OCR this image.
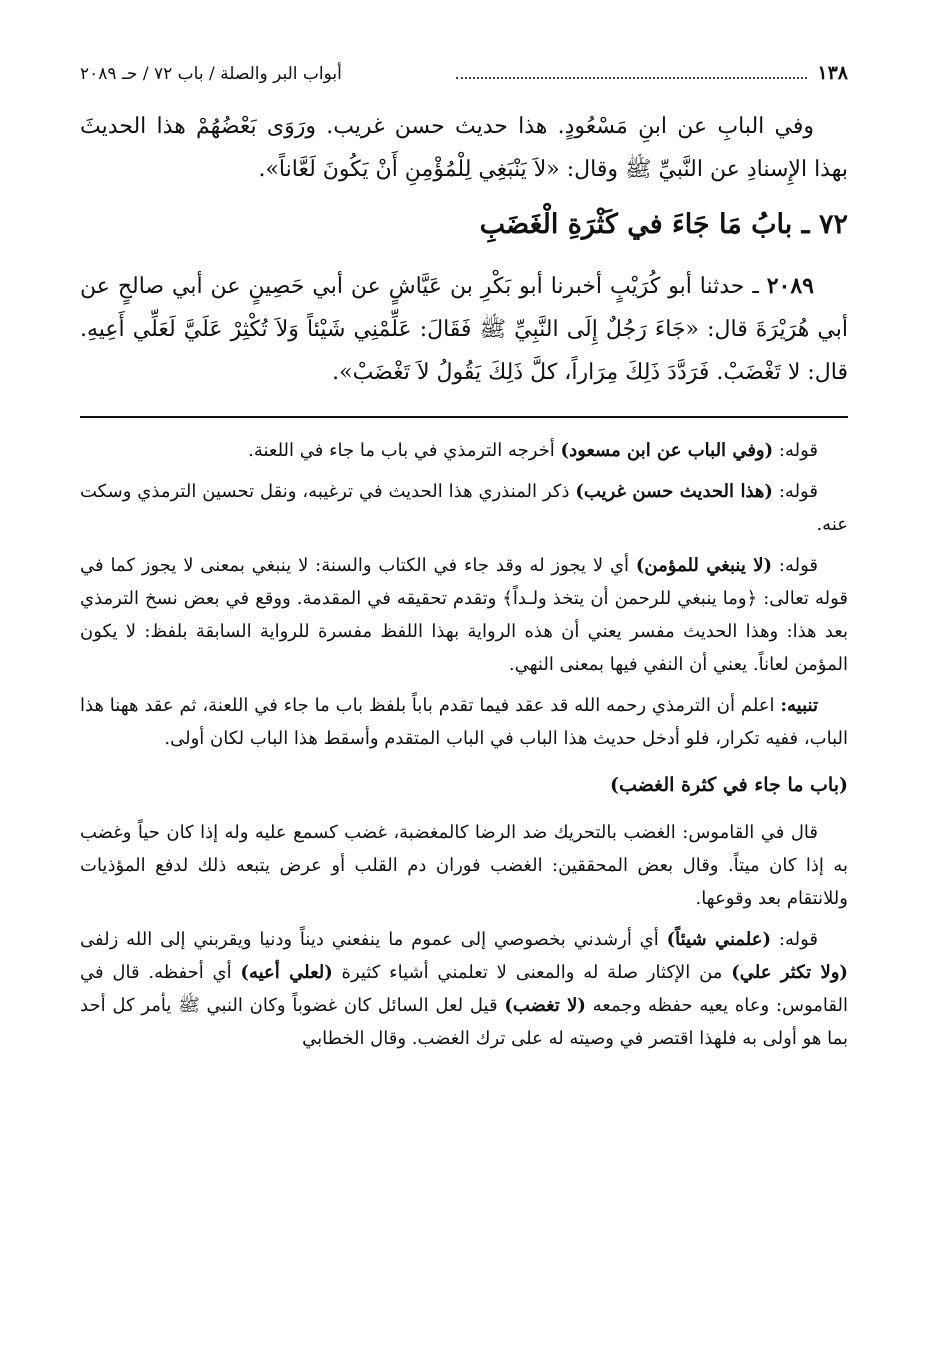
١٣٨
أبواب البر والصلة / باب ٧٢ / حـ ٢٠٨٩

وفي البابِ عن ابنِ مَسْعُودٍ. هذا حديث حسن غريب. ورَوَى بَعْضُهُمْ هذا الحديثَ بهذا الإِسنادِ عن النَّبيِّ ﷺ وقال: «لاَ يَنْبَغِي لِلْمُؤْمِنِ أَنْ يَكُونَ لَعَّاناً».

٧٢ ـ بابُ مَا جَاءَ في كَثْرَةِ الْغَضَبِ

٢٠٨٩ ـ حدثنا أبو كُرَيْبٍ أخبرنا أبو بَكْرِ بن عَيَّاشٍ عن أبي حَصِينٍ عن أبي صالحٍ عن أبي هُرَيْرَةَ قال: «جَاءَ رَجُلٌ إِلَى النَّبِيِّ ﷺ فَقَالَ: عَلِّمْنِي شَيْئاً وَلاَ تُكْثِرْ عَلَيَّ لَعَلِّي أَعِيهِ. قال: لا تَغْضَبْ. فَرَدَّدَ ذَلِكَ مِرَاراً، كلَّ ذَلِكَ يَقُولُ لاَ تَغْضَبْ».

قوله: (وفي الباب عن ابن مسعود) أخرجه الترمذي في باب ما جاء في اللعنة.

قوله: (هذا الحديث حسن غريب) ذكر المنذري هذا الحديث في ترغيبه، ونقل تحسين الترمذي وسكت عنه.

قوله: (لا ينبغي للمؤمن) أي لا يجوز له وقد جاء في الكتاب والسنة: لا ينبغي بمعنى لا يجوز كما في قوله تعالى: ﴿وما ينبغي للرحمن أن يتخذ ولـداً﴾ وتقدم تحقيقه في المقدمة. ووقع في بعض نسخ الترمذي بعد هذا: وهذا الحديث مفسر يعني أن هذه الرواية بهذا اللفظ مفسرة للرواية السابقة بلفظ: لا يكون المؤمن لعاناً. يعني أن النفي فيها بمعنى النهي.

تنبيه: اعلم أن الترمذي رحمه الله قد عقد فيما تقدم باباً بلفظ باب ما جاء في اللعنة، ثم عقد ههنا هذا الباب، ففيه تكرار، فلو أدخل حديث هذا الباب في الباب المتقدم وأسقط هذا الباب لكان أولى.

(باب ما جاء في كثرة الغضب)

قال في القاموس: الغضب بالتحريك ضد الرضا كالمغضبة، غضب كسمع عليه وله إذا كان حياً وغضب به إذا كان ميتاً. وقال بعض المحققين: الغضب فوران دم القلب أو عرض يتبعه ذلك لدفع المؤذيات وللانتقام بعد وقوعها.

قوله: (علمني شيئاً) أي أرشدني بخصوصي إلى عموم ما ينفعني ديناً ودنيا ويقربني إلى الله زلفى (ولا تكثر علي) من الإكثار صلة له والمعنى لا تعلمني أشياء كثيرة (لعلي أعيه) أي أحفظه. قال في القاموس: وعاه يعيه حفظه وجمعه (لا تغضب) قيل لعل السائل كان غضوباً وكان النبي ﷺ يأمر كل أحد بما هو أولى به فلهذا اقتصر في وصيته له على ترك الغضب. وقال الخطابي
